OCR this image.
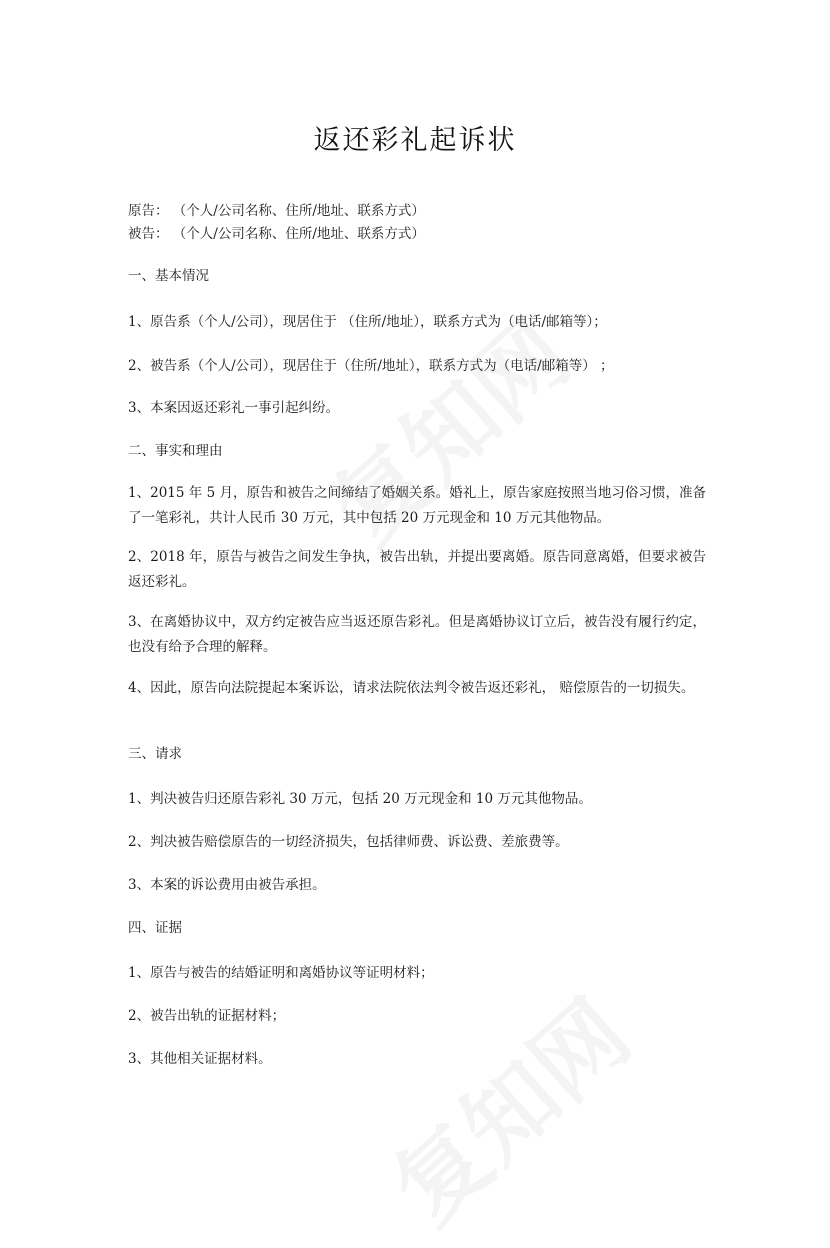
返还彩礼起诉状
原告： （个人/公司名称、住所/地址、联系方式）
被告： （个人/公司名称、住所/地址、联系方式）
一、基本情况
1、原告系（个人/公司），现居住于 （住所/地址），联系方式为（电话/邮箱等）；
2、被告系（个人/公司），现居住于（住所/地址），联系方式为（电话/邮箱等） ；
3、本案因返还彩礼一事引起纠纷。
二、事实和理由
1、2015 年 5 月，原告和被告之间缔结了婚姻关系。婚礼上，原告家庭按照当地习俗习惯，准备了一笔彩礼，共计人民币 30 万元，其中包括 20 万元现金和 10 万元其他物品。
2、2018 年，原告与被告之间发生争执，被告出轨，并提出要离婚。原告同意离婚，但要求被告返还彩礼。
3、在离婚协议中，双方约定被告应当返还原告彩礼。但是离婚协议订立后，被告没有履行约定，也没有给予合理的解释。
4、因此，原告向法院提起本案诉讼，请求法院依法判令被告返还彩礼， 赔偿原告的一切损失。
三、请求
1、判决被告归还原告彩礼 30 万元，包括 20 万元现金和 10 万元其他物品。
2、判决被告赔偿原告的一切经济损失，包括律师费、诉讼费、差旅费等。
3、本案的诉讼费用由被告承担。
四、证据
1、原告与被告的结婚证明和离婚协议等证明材料；
2、被告出轨的证据材料；
3、其他相关证据材料。
